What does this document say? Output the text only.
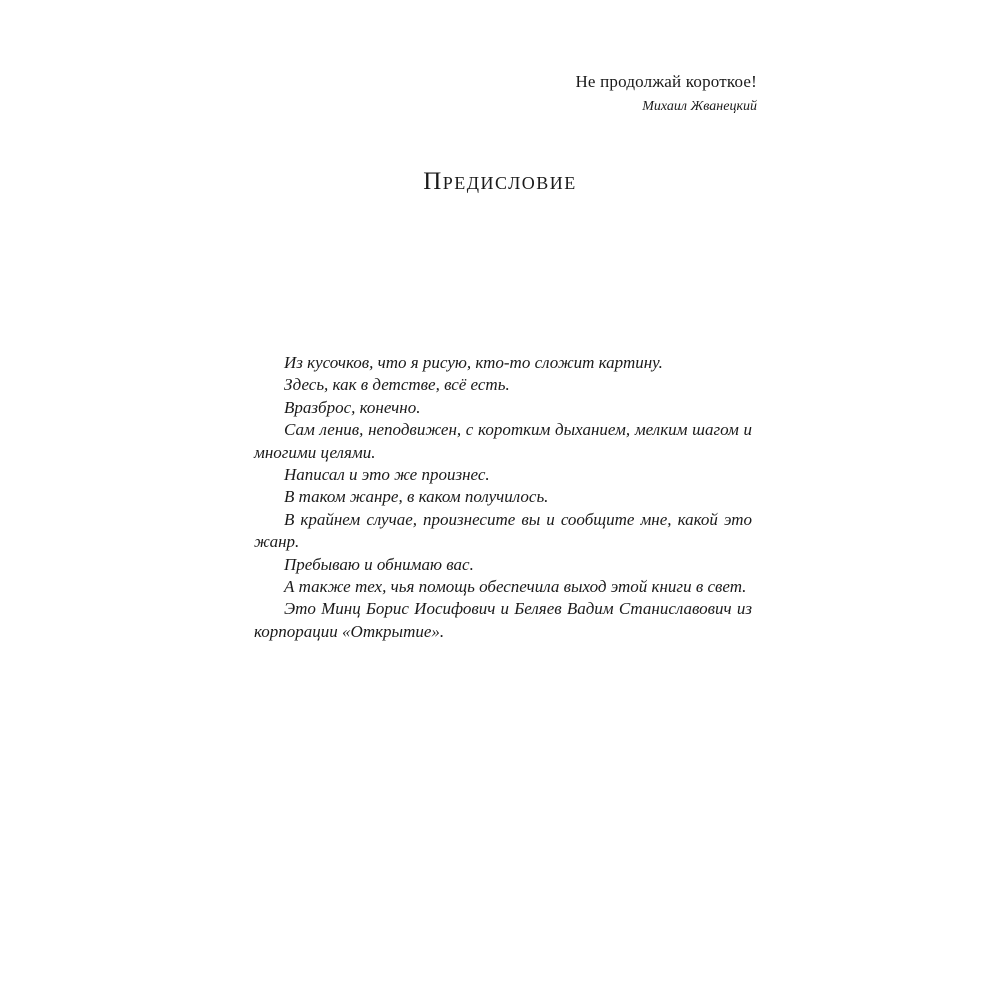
Не продолжай короткое!
Михаил Жванецкий
Предисловие

Из кусочков, что я рисую, кто-то сложит картину.

Здесь, как в детстве, всё есть.

Вразброс, конечно.

Сам ленив, неподвижен, с коротким дыханием, мелким шагом и многими целями.

Написал и это же произнес.

В таком жанре, в каком получилось.

В крайнем случае, произнесите вы и сообщите мне, какой это жанр.

Пребываю и обнимаю вас.

А также тех, чья помощь обеспечила выход этой книги в свет.

Это Минц Борис Иосифович и Беляев Вадим Станиславович из корпорации «Открытие».
